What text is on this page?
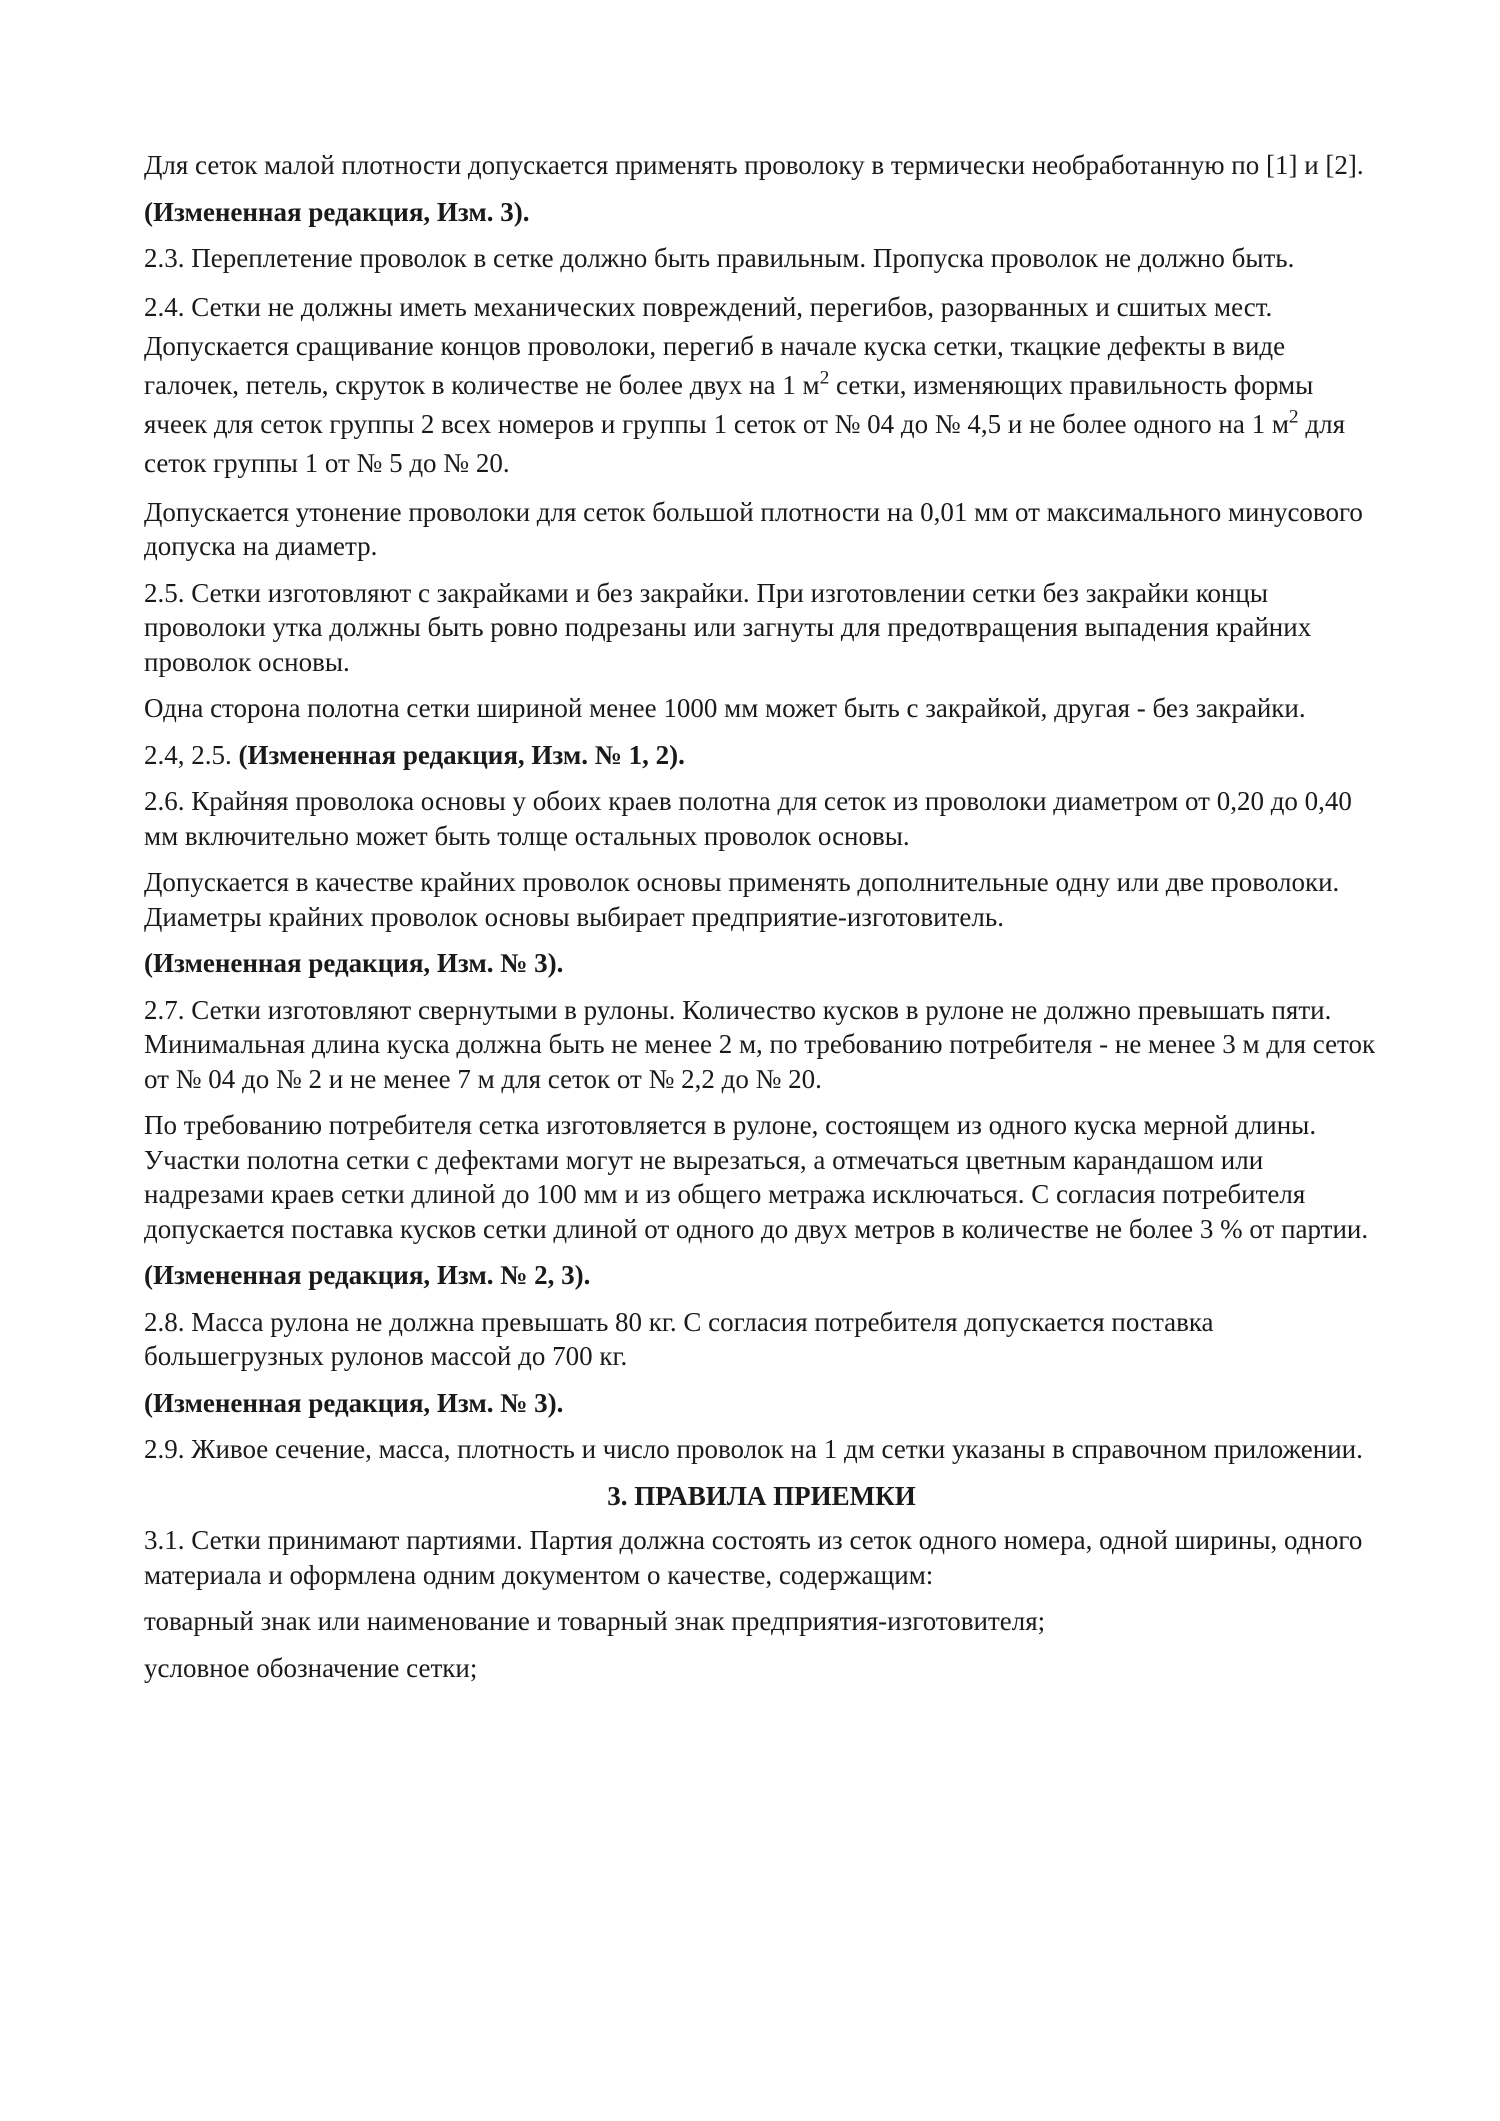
Для сеток малой плотности допускается применять проволоку в термически необработанную по [1] и [2].

(Измененная редакция, Изм. 3).

2.3. Переплетение проволок в сетке должно быть правильным. Пропуска проволок не должно быть.

2.4. Сетки не должны иметь механических повреждений, перегибов, разорванных и сшитых мест. Допускается сращивание концов проволоки, перегиб в начале куска сетки, ткацкие дефекты в виде галочек, петель, скруток в количестве не более двух на 1 $м^2$ сетки, изменяющих правильность формы ячеек для сеток группы 2 всех номеров и группы 1 сеток от № 04 до № 4,5 и не более одного на 1 $м^2$ для сеток группы 1 от № 5 до № 20.

Допускается утонение проволоки для сеток большой плотности на 0,01 мм от максимального минусового допуска на диаметр.

2.5. Сетки изготовляют с закрайками и без закрайки. При изготовлении сетки без закрайки концы проволоки утка должны быть ровно подрезаны или загнуты для предотвращения выпадения крайних проволок основы.

Одна сторона полотна сетки шириной менее 1000 мм может быть с закрайкой, другая - без закрайки.

2.4, 2.5. (Измененная редакция, Изм. № 1, 2).

2.6. Крайняя проволока основы у обоих краев полотна для сеток из проволоки диаметром от 0,20 до 0,40 мм включительно может быть толще остальных проволок основы.

Допускается в качестве крайних проволок основы применять дополнительные одну или две проволоки. Диаметры крайних проволок основы выбирает предприятие-изготовитель.

(Измененная редакция, Изм. № 3).

2.7. Сетки изготовляют свернутыми в рулоны. Количество кусков в рулоне не должно превышать пяти. Минимальная длина куска должна быть не менее 2 м, по требованию потребителя - не менее 3 м для сеток от № 04 до № 2 и не менее 7 м для сеток от № 2,2 до № 20.

По требованию потребителя сетка изготовляется в рулоне, состоящем из одного куска мерной длины. Участки полотна сетки с дефектами могут не вырезаться, а отмечаться цветным карандашом или надрезами краев сетки длиной до 100 мм и из общего метража исключаться. С согласия потребителя допускается поставка кусков сетки длиной от одного до двух метров в количестве не более 3 % от партии.

(Измененная редакция, Изм. № 2, 3).

2.8. Масса рулона не должна превышать 80 кг. С согласия потребителя допускается поставка большегрузных рулонов массой до 700 кг.

(Измененная редакция, Изм. № 3).

2.9. Живое сечение, масса, плотность и число проволок на 1 дм сетки указаны в справочном приложении.

3. ПРАВИЛА ПРИЕМКИ

3.1. Сетки принимают партиями. Партия должна состоять из сеток одного номера, одной ширины, одного материала и оформлена одним документом о качестве, содержащим:

товарный знак или наименование и товарный знак предприятия-изготовителя;

условное обозначение сетки;
